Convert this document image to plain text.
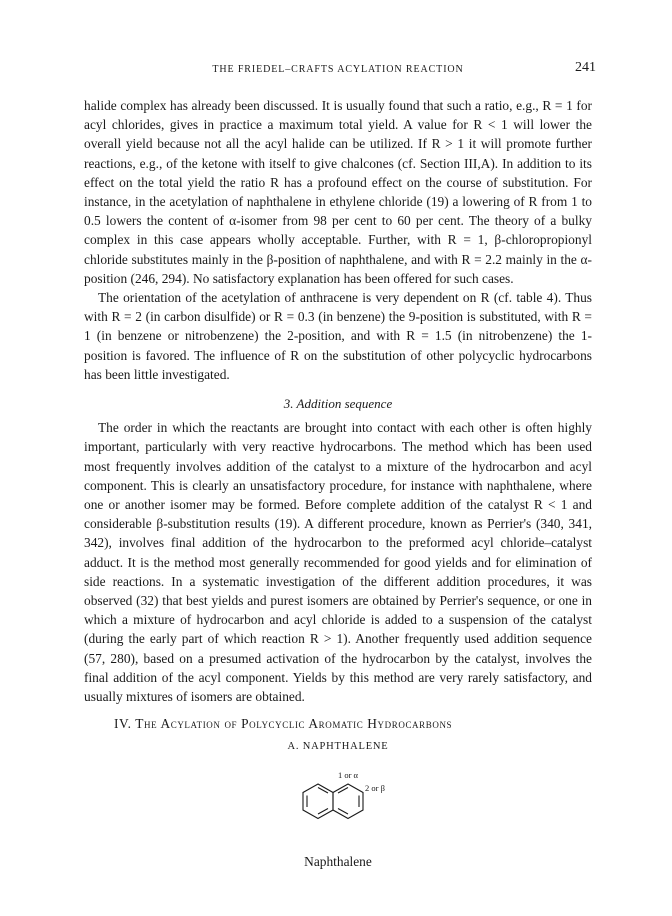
THE FRIEDEL–CRAFTS ACYLATION REACTION	241

halide complex has already been discussed. It is usually found that such a ratio, e.g., R = 1 for acyl chlorides, gives in practice a maximum total yield. A value for R < 1 will lower the overall yield because not all the acyl halide can be utilized. If R > 1 it will promote further reactions, e.g., of the ketone with itself to give chalcones (cf. Section III,A). In addition to its effect on the total yield the ratio R has a profound effect on the course of substitution. For instance, in the acetylation of naphthalene in ethylene chloride (19) a lowering of R from 1 to 0.5 lowers the content of α-isomer from 98 per cent to 60 per cent. The theory of a bulky complex in this case appears wholly acceptable. Further, with R = 1, β-chloropropionyl chloride substitutes mainly in the β-position of naphthalene, and with R = 2.2 mainly in the α-position (246, 294). No satisfactory explanation has been offered for such cases.

The orientation of the acetylation of anthracene is very dependent on R (cf. table 4). Thus with R = 2 (in carbon disulfide) or R = 0.3 (in benzene) the 9-position is substituted, with R = 1 (in benzene or nitrobenzene) the 2-position, and with R = 1.5 (in nitrobenzene) the 1-position is favored. The influence of R on the substitution of other polycyclic hydrocarbons has been little investigated.

3. Addition sequence

The order in which the reactants are brought into contact with each other is often highly important, particularly with very reactive hydrocarbons. The method which has been used most frequently involves addition of the catalyst to a mixture of the hydrocarbon and acyl component. This is clearly an unsatisfactory procedure, for instance with naphthalene, where one or another isomer may be formed. Before complete addition of the catalyst R < 1 and considerable β-substitution results (19). A different procedure, known as Perrier's (340, 341, 342), involves final addition of the hydrocarbon to the preformed acyl chloride–catalyst adduct. It is the method most generally recommended for good yields and for elimination of side reactions. In a systematic investigation of the different addition procedures, it was observed (32) that best yields and purest isomers are obtained by Perrier's sequence, or one in which a mixture of hydrocarbon and acyl chloride is added to a suspension of the catalyst (during the early part of which reaction R > 1). Another frequently used addition sequence (57, 280), based on a presumed activation of the hydrocarbon by the catalyst, involves the final addition of the acyl component. Yields by this method are very rarely satisfactory, and usually mixtures of isomers are obtained.

IV. The Acylation of Polycyclic Aromatic Hydrocarbons
A. NAPHTHALENE
1 or α
2 or β
Naphthalene
